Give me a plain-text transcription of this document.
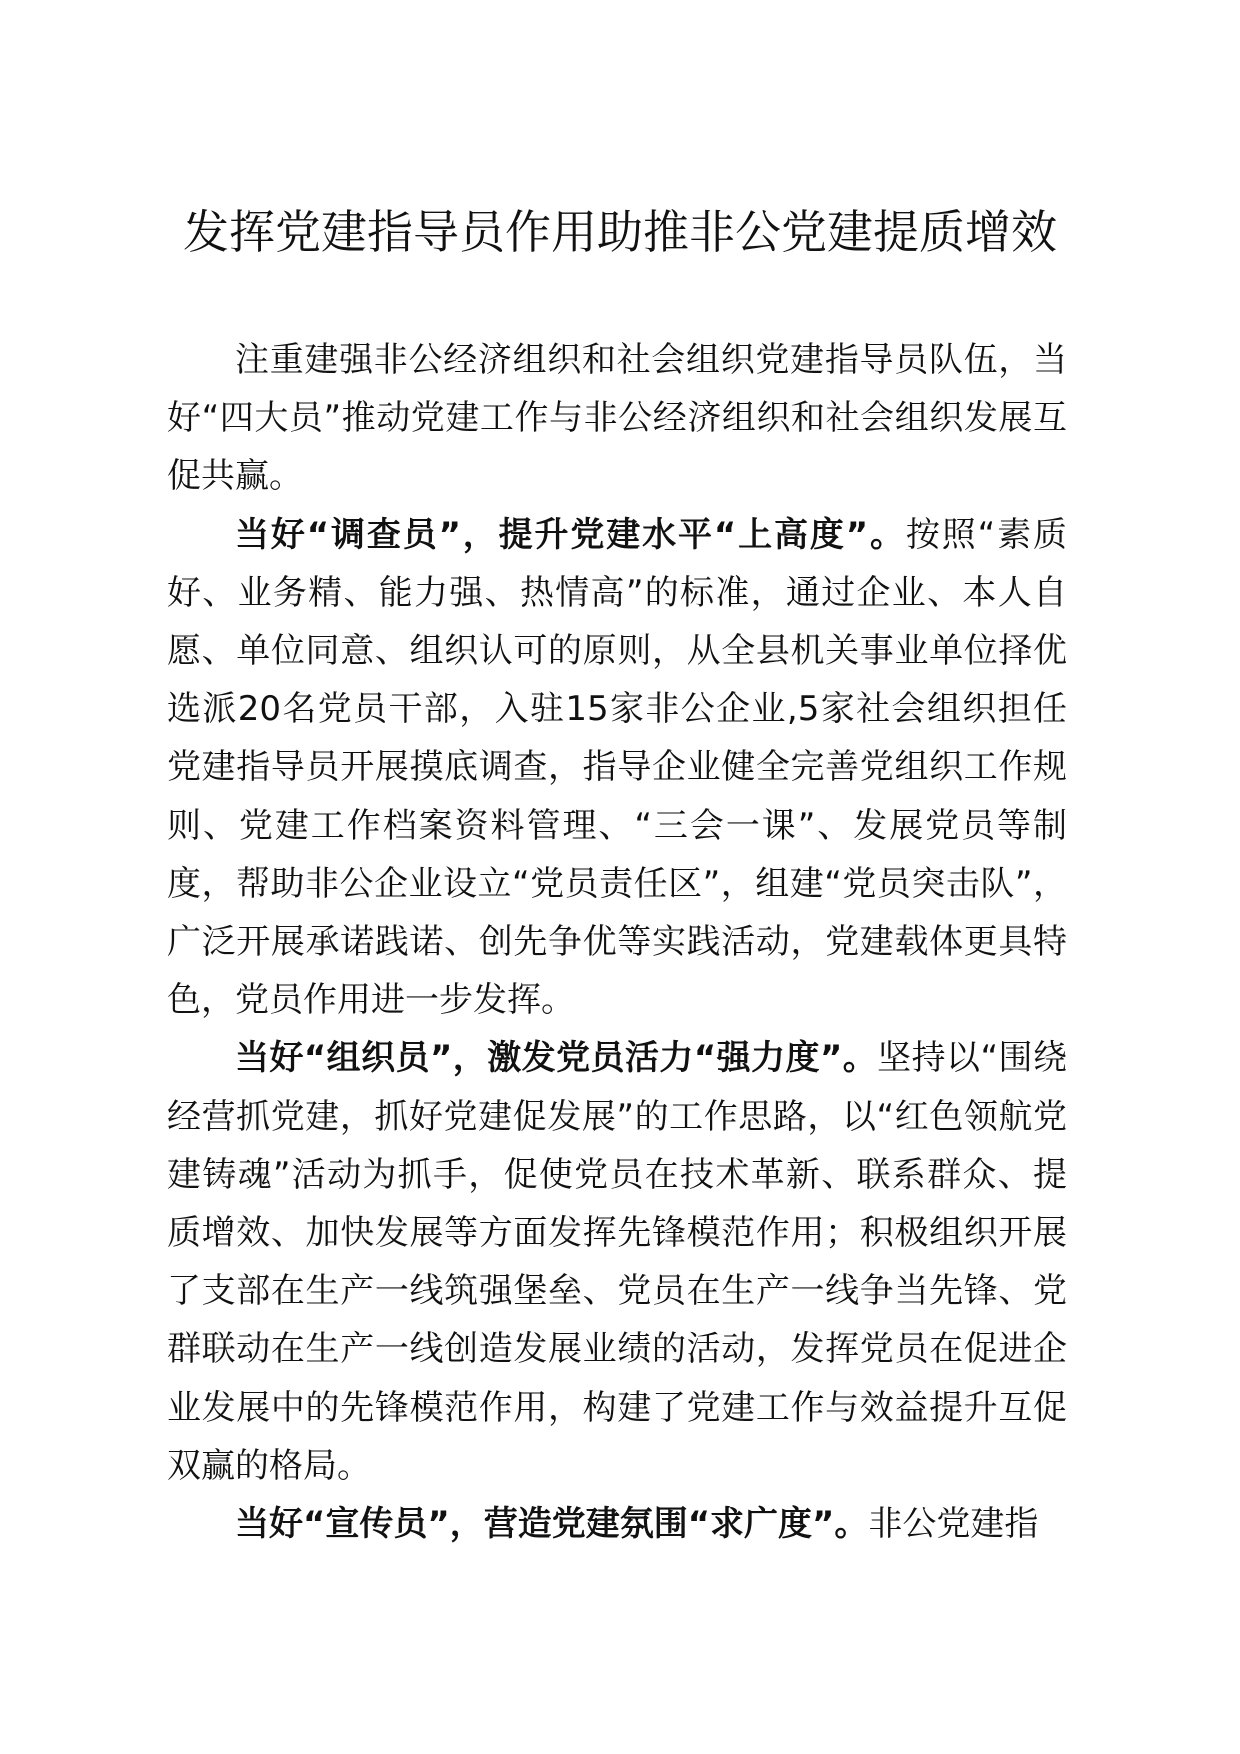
发挥党建指导员作用助推非公党建提质增效

注重建强非公经济组织和社会组织党建指导员队伍，当好“四大员”推动党建工作与非公经济组织和社会组织发展互促共赢。

当好“调查员”，提升党建水平“上高度”。按照“素质好、业务精、能力强、热情高”的标准，通过企业、本人自愿、单位同意、组织认可的原则，从全县机关事业单位择优选派20名党员干部，入驻15家非公企业,5家社会组织担任党建指导员开展摸底调查，指导企业健全完善党组织工作规则、党建工作档案资料管理、“三会一课”、发展党员等制度，帮助非公企业设立“党员责任区”，组建“党员突击队”，广泛开展承诺践诺、创先争优等实践活动，党建载体更具特色，党员作用进一步发挥。

当好“组织员”，激发党员活力“强力度”。坚持以“围绕经营抓党建，抓好党建促发展”的工作思路，以“红色领航党建铸魂”活动为抓手，促使党员在技术革新、联系群众、提质增效、加快发展等方面发挥先锋模范作用；积极组织开展了支部在生产一线筑强堡垒、党员在生产一线争当先锋、党群联动在生产一线创造发展业绩的活动，发挥党员在促进企业发展中的先锋模范作用，构建了党建工作与效益提升互促双赢的格局。

当好“宣传员”，营造党建氛围“求广度”。非公党建指
